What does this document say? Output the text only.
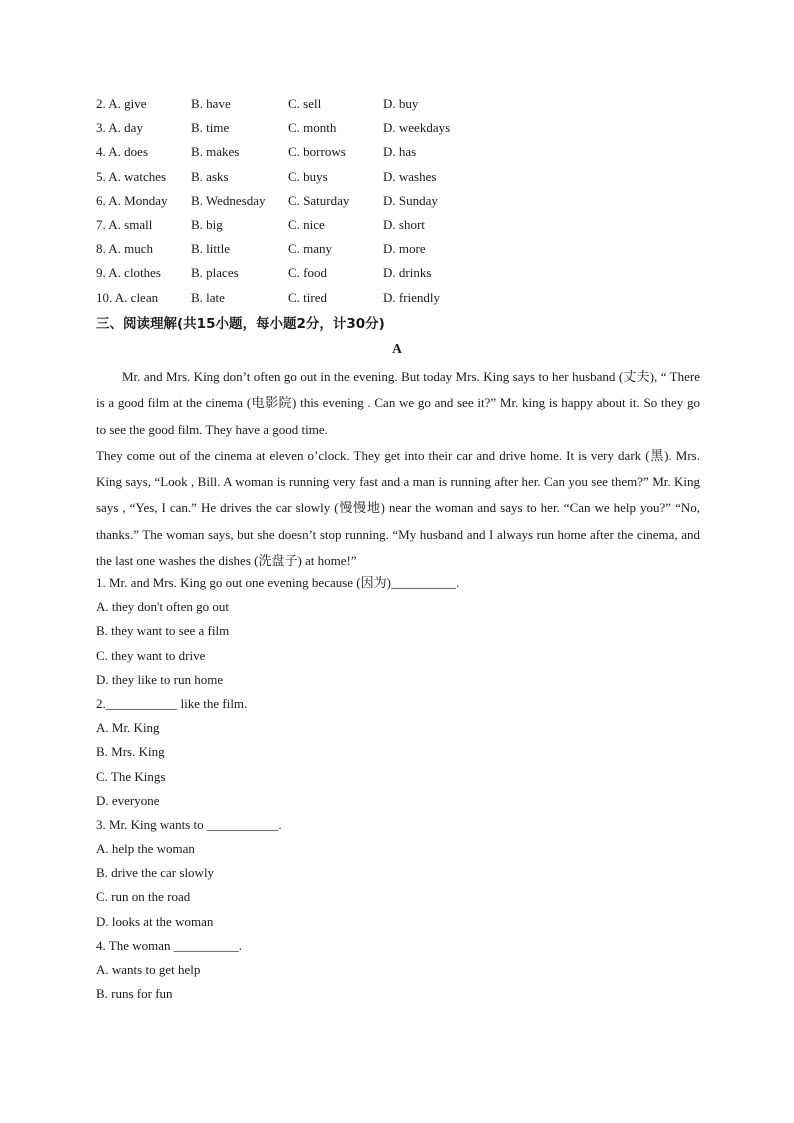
2. A. give	B. have	C. sell	D. buy
3. A. day	B. time	C. month	D. weekdays
4. A. does	B. makes	C. borrows	D. has
5. A. watches B. asks	C. buys	D. washes
6. A. Monday B. Wednesday C. Saturday	D. Sunday
7. A. small	B. big	C. nice	D. short
8. A. much	B. little	C. many	D. more
9. A. clothes B. places	C. food	D. drinks
10. A. clean	B. late	C. tired	D. friendly
三、阅读理解(共15小题，每小题2分，计30分)
A

Mr. and Mrs. King don’t often go out in the evening. But today Mrs. King says to her husband (丈夫), “ There is a good film at the cinema (电影院) this evening . Can we go and see it?” Mr. king is happy about it. So they go to see the good film. They have a good time.

They come out of the cinema at eleven o’clock. They get into their car and drive home. It is very dark (黑). Mrs. King says, “Look , Bill. A woman is running very fast and a man is running after her. Can you see them?” Mr. King says , “Yes, I can.” He drives the car slowly (慢慢地) near the woman and says to her. “Can we help you?” “No, thanks.” The woman says, but she doesn’t stop running. “My husband and I always run home after the cinema, and the last one washes the dishes (洗盘子) at home!”

1. Mr. and Mrs. King go out one evening because (因为)__________.
A. they don't often go out
B. they want to see a film
C. they want to drive
D. they like to run home
2.___________ like the film.
A. Mr. King
B. Mrs. King
C. The Kings
D. everyone
3. Mr. King wants to ___________.
A. help the woman
B. drive the car slowly
C. run on the road
D. looks at the woman
4. The woman __________.
A. wants to get help
B. runs for fun
